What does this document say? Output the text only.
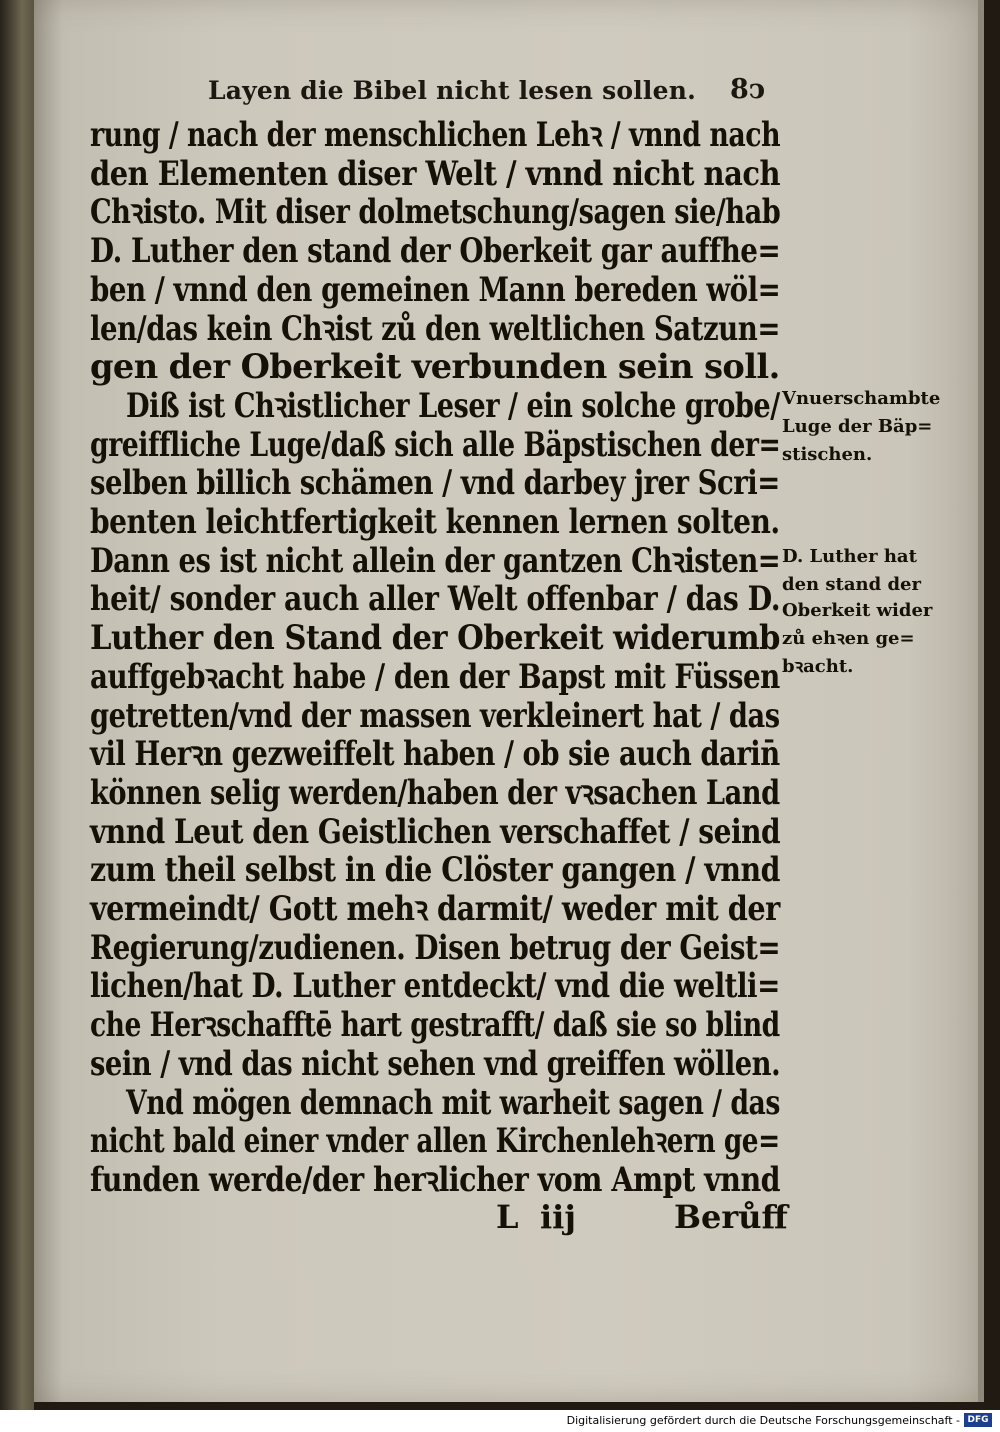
Layen die Bibel nicht lesen sollen. 8ↄ
rung / nach der menschlichen Lehꝛ / vnnd nach
den Elementen diser Welt / vnnd nicht nach
Chꝛisto. Mit diser dolmetschung/sagen sie/hab
D. Luther den stand der Oberkeit gar auffhe=
ben / vnnd den gemeinen Mann bereden wöl=
len/das kein Chꝛist zů den weltlichen Satzun=
gen der Oberkeit verbunden sein soll.
Diß ist Chꝛistlicher Leser / ein solche grobe/
greiffliche Luge/daß sich alle Bäpstischen der=
selben billich schämen / vnd darbey jrer Scri=
benten leichtfertigkeit kennen lernen solten.
Dann es ist nicht allein der gantzen Chꝛisten=
heit/ sonder auch aller Welt offenbar / das D.
Luther den Stand der Oberkeit widerumb
auffgebꝛacht habe / den der Bapst mit Füssen
getretten/vnd der massen verkleinert hat / das
vil Herꝛn gezweiffelt haben / ob sie auch darin̄
können selig werden/haben der vꝛsachen Land
vnnd Leut den Geistlichen verschaffet / seind
zum theil selbst in die Clöster gangen / vnnd
vermeindt/ Gott mehꝛ darmit/ weder mit der
Regierung/zudienen. Disen betrug der Geist=
lichen/hat D. Luther entdeckt/ vnd die weltli=
che Herꝛschafftē hart gestrafft/ daß sie so blind
sein / vnd das nicht sehen vnd greiffen wöllen.
Vnd mögen demnach mit warheit sagen / das
nicht bald einer vnder allen Kirchenlehꝛern ge=
funden werde/der herꝛlicher vom Ampt vnnd
Vnuerschambte
Luge der Bäp=
stischen.
D. Luther hat
den stand der
Oberkeit wider
zů ehꝛen ge=
bꝛacht.
L iij	Berůff
Digitalisierung gefördert durch die Deutsche Forschungsgemeinschaft - DFG
